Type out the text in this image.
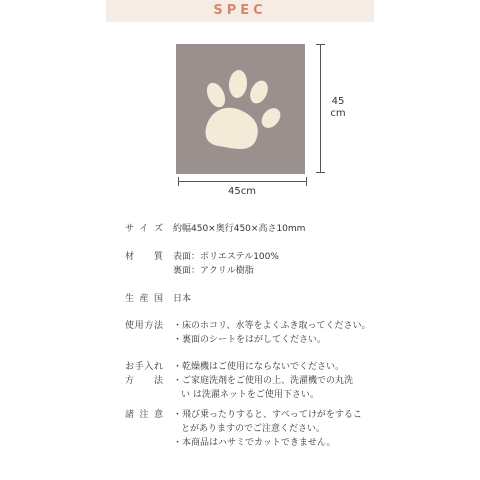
SPEC
45
cm
45cm
サイズ 約幅450×奥行450×高さ10mm
材　質 表面：ポリエステル100%
裏面：アクリル樹脂
生産国 日本
使用方法 ・床のホコリ、水等をよくふき取ってください。
・裏面のシートをはがしてください。
お手入れ
方　法
・乾燥機はご使用にならないでください。
・ご家庭洗剤をご使用の上、洗濯機での丸洗
い は洗濯ネットをご使用下さい。
諸注意 ・飛び乗ったりすると、すべってけがをするこ
とがありますのでご注意ください。
・本商品はハサミでカットできません。
